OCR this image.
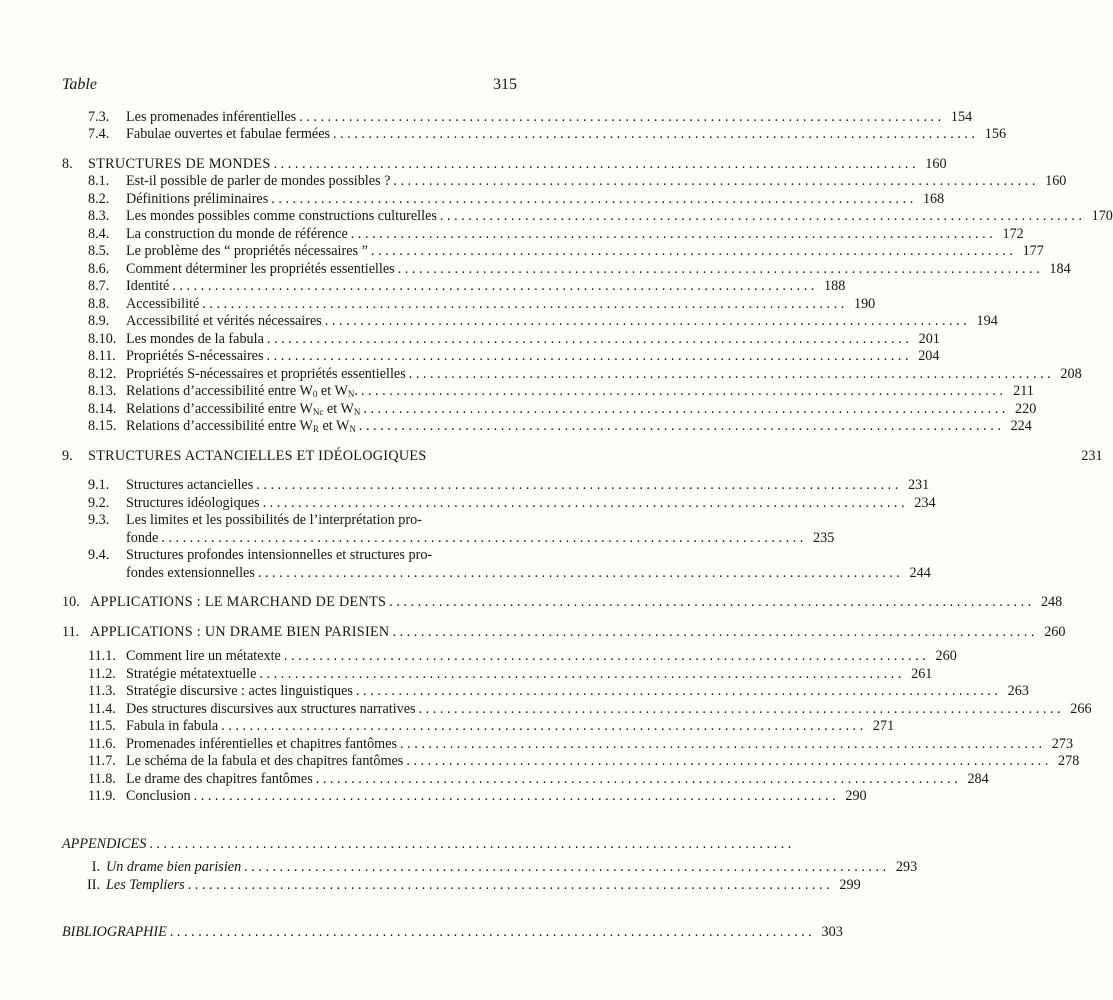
Table	315
7.3.	Les promenades inférentielles . . .	154
7.4.	Fabulae ouvertes et fabulae fermées . . .	156
8.	STRUCTURES DE MONDES . . .	160
8.1.	Est-il possible de parler de mondes possibles ? . . .	160
8.2.	Définitions préliminaires . . .	168
8.3.	Les mondes possibles comme constructions culturelles . . .	170
8.4.	La construction du monde de référence . . .	172
8.5.	Le problème des “ propriétés nécessaires ” . . .	177
8.6.	Comment déterminer les propriétés essentielles . . .	184
8.7.	Identité . . .	188
8.8.	Accessibilité . . .	190
8.9.	Accessibilité et vérités nécessaires . . .	194
8.10. Les mondes de la fabula . . .	201
8.11. Propriétés S-nécessaires . . .	204
8.12. Propriétés S-nécessaires et propriétés essentielles . . .	208
8.13. Relations d’accessibilité entre $W_0$ et $W_N$. . . .	211
8.14. Relations d’accessibilité entre $W_{Nc}$ et $W_N$ . . .	220
8.15. Relations d’accessibilité entre $W_R$ et $W_N$ . . .	224
9.	STRUCTURES ACTANCIELLES ET IDÉOLOGIQUES	231
9.1.	Structures actancielles . . .	231
9.2.	Structures idéologiques . . .	234
9.3.	Les limites et les possibilités de l’interprétation pro-
fonde . . .	235
9.4.	Structures profondes intensionnelles et structures pro-
fondes extensionnelles . . .	244
10. APPLICATIONS : LE MARCHAND DE DENTS . . .	248
11. APPLICATIONS : UN DRAME BIEN PARISIEN . . .	260
11.1. Comment lire un métatexte . . .	260
11.2. Stratégie métatextuelle . . .	261
11.3. Stratégie discursive : actes linguistiques . . .	263
11.4. Des structures discursives aux structures narratives . . .	266
11.5. Fabula in fabula . . .	271
11.6. Promenades inférentielles et chapitres fantômes . . .	273
11.7. Le schéma de la fabula et des chapitres fantômes . . .	278
11.8. Le drame des chapitres fantômes . . .	284
11.9. Conclusion . . .	290
APPENDICES
. . .
I. Un drame bien parisien . . .	293
II. Les Templiers . . .	299
BIBLIOGRAPHIE . . .	303
